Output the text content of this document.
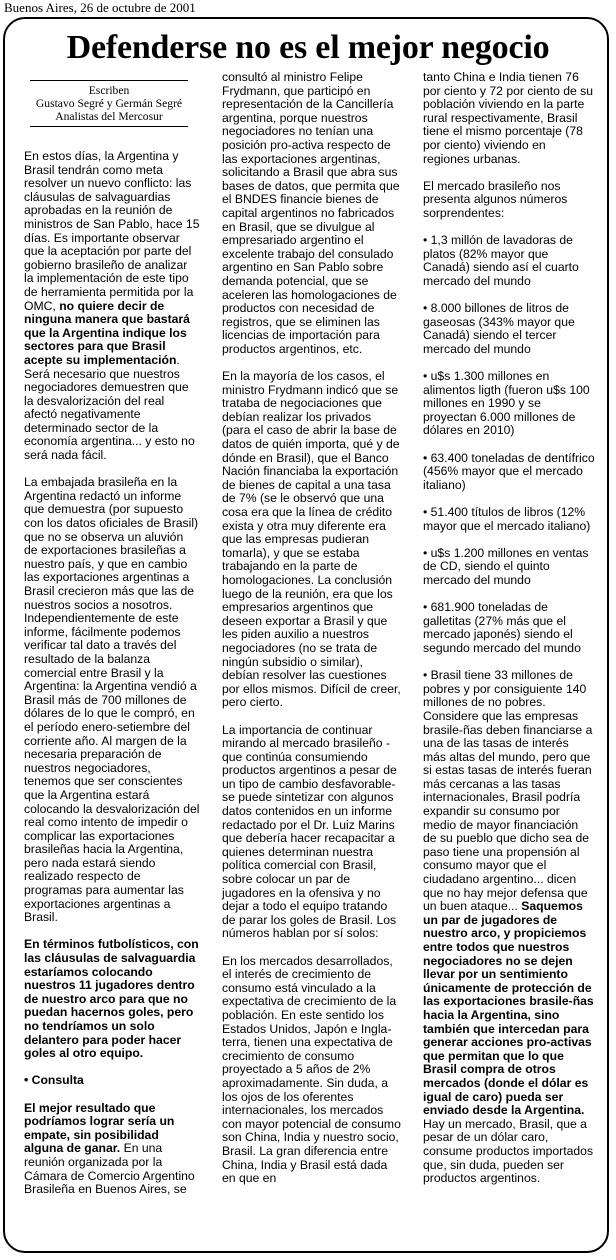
Buenos Aires, 26 de octubre de 2001
Defenderse no es el mejor negocio
Escriben
Gustavo Segré y Germán Segré
Analistas del Mercosur

En estos días, la Argentina y Brasil tendrán como meta resolver un nuevo conflicto: las cláusulas de salvaguardias aprobadas en la reunión de ministros de San Pablo, hace 15 días. Es importante observar que la aceptación por parte del gobierno brasileño de analizar la implementación de este tipo de herramienta permitida por la OMC, no quiere decir de ninguna manera que bastará que la Argentina indique los sectores para que Brasil acepte su implementación. Será necesario que nuestros negociadores demuestren que la desvalorización del real afectó negativamente determinado sector de la economía argentina... y esto no será nada fácil.

La embajada brasileña en la Argentina redactó un informe que demuestra (por supuesto con los datos oficiales de Brasil) que no se observa un aluvión de exportaciones brasileñas a nuestro país, y que en cambio las exportaciones argentinas a Brasil crecieron más que las de nuestros socios a nosotros. Independientemente de este informe, fácilmente podemos verificar tal dato a través del resultado de la balanza comercial entre Brasil y la Argentina: la Argentina vendió a Brasil más de 700 millones de dólares de lo que le compró, en el período enero-setiembre del corriente año. Al margen de la necesaria preparación de nuestros negociadores, tenemos que ser conscientes que la Argentina estará colocando la desvalorización del real como intento de impedir o complicar las exportaciones brasileñas hacia la Argentina, pero nada estará siendo realizado respecto de programas para aumentar las exportaciones argentinas a Brasil.

En términos futbolísticos, con las cláusulas de salvaguardia estaríamos colocando nuestros 11 jugadores dentro de nuestro arco para que no puedan hacernos goles, pero no tendríamos un solo delantero para poder hacer goles al otro equipo.

• Consulta

El mejor resultado que podríamos lograr sería un empate, sin posibilidad alguna de ganar. En una reunión organizada por la Cámara de Comercio Argentino Brasileña en Buenos Aires, se

consultó al ministro Felipe Frydmann, que participó en representación de la Cancillería argentina, porque nuestros negociadores no tenían una posición pro-activa respecto de las exportaciones argentinas, solicitando a Brasil que abra sus bases de datos, que permita que el BNDES financie bienes de capital argentinos no fabricados en Brasil, que se divulgue al empresariado argentino el excelente trabajo del consulado argentino en San Pablo sobre demanda potencial, que se aceleren las homologaciones de productos con necesidad de registros, que se eliminen las licencias de importación para productos argentinos, etc.

En la mayoría de los casos, el ministro Frydmann indicó que se trataba de negociaciones que debían realizar los privados (para el caso de abrir la base de datos de quién importa, qué y de dónde en Brasil), que el Banco Nación financiaba la exportación de bienes de capital a una tasa de 7% (se le observó que una cosa era que la línea de crédito exista y otra muy diferente era que las empresas pudieran tomarla), y que se estaba trabajando en la parte de homologaciones. La conclusión luego de la reunión, era que los empresarios argentinos que deseen exportar a Brasil y que les piden auxilio a nuestros negociadores (no se trata de ningún subsidio o similar), debían resolver las cuestiones por ellos mismos. Difícil de creer, pero cierto.

La importancia de continuar mirando al mercado brasileño - que continúa consumiendo productos argentinos a pesar de un tipo de cambio desfavorable-se puede sintetizar con algunos datos contenidos en un informe redactado por el Dr. Luiz Marins que debería hacer recapacitar a quienes determinan nuestra política comercial con Brasil, sobre colocar un par de jugadores en la ofensiva y no dejar a todo el equipo tratando de parar los goles de Brasil. Los números hablan por sí solos:

En los mercados desarrollados, el interés de crecimiento de consumo está vinculado a la expectativa de crecimiento de la población. En este sentido los Estados Unidos, Japón e Ingla-terra, tienen una expectativa de crecimiento de consumo proyectado a 5 años de 2% aproximadamente. Sin duda, a los ojos de los oferentes internacionales, los mercados con mayor potencial de consumo son China, India y nuestro socio, Brasil. La gran diferencia entre China, India y Brasil está dada en que en

tanto China e India tienen 76 por ciento y 72 por ciento de su población viviendo en la parte rural respectivamente, Brasil tiene el mismo porcentaje (78 por ciento) viviendo en regiones urbanas.

El mercado brasileño nos presenta algunos números sorprendentes:

• 1,3 millón de lavadoras de platos (82% mayor que Canadá) siendo así el cuarto mercado del mundo

• 8.000 billones de litros de gaseosas (343% mayor que Canadá) siendo el tercer mercado del mundo

• u$s 1.300 millones en alimentos ligth (fueron u$s 100 millones en 1990 y se proyectan 6.000 millones de dólares en 2010)

• 63.400 toneladas de dentífrico (456% mayor que el mercado italiano)

• 51.400 títulos de libros (12% mayor que el mercado italiano)

• u$s 1.200 millones en ventas de CD, siendo el quinto mercado del mundo

• 681.900 toneladas de galletitas (27% más que el mercado japonés) siendo el segundo mercado del mundo

• Brasil tiene 33 millones de pobres y por consiguiente 140 millones de no pobres. Considere que las empresas brasile-ñas deben financiarse a una de las tasas de interés más altas del mundo, pero que si estas tasas de interés fueran más cercanas a las tasas internacionales, Brasil podría expandir su consumo por medio de mayor financiación de su pueblo que dicho sea de paso tiene una propensión al consumo mayor que el ciudadano argentino... dicen que no hay mejor defensa que un buen ataque... Saquemos un par de jugadores de nuestro arco, y propiciemos entre todos que nuestros negociadores no se dejen llevar por un sentimiento únicamente de protección de las exportaciones brasile-ñas hacia la Argentina, sino también que intercedan para generar acciones pro-activas que permitan que lo que Brasil compra de otros mercados (donde el dólar es igual de caro) pueda ser enviado desde la Argentina. Hay un mercado, Brasil, que a pesar de un dólar caro, consume productos importados que, sin duda, pueden ser productos argentinos.
